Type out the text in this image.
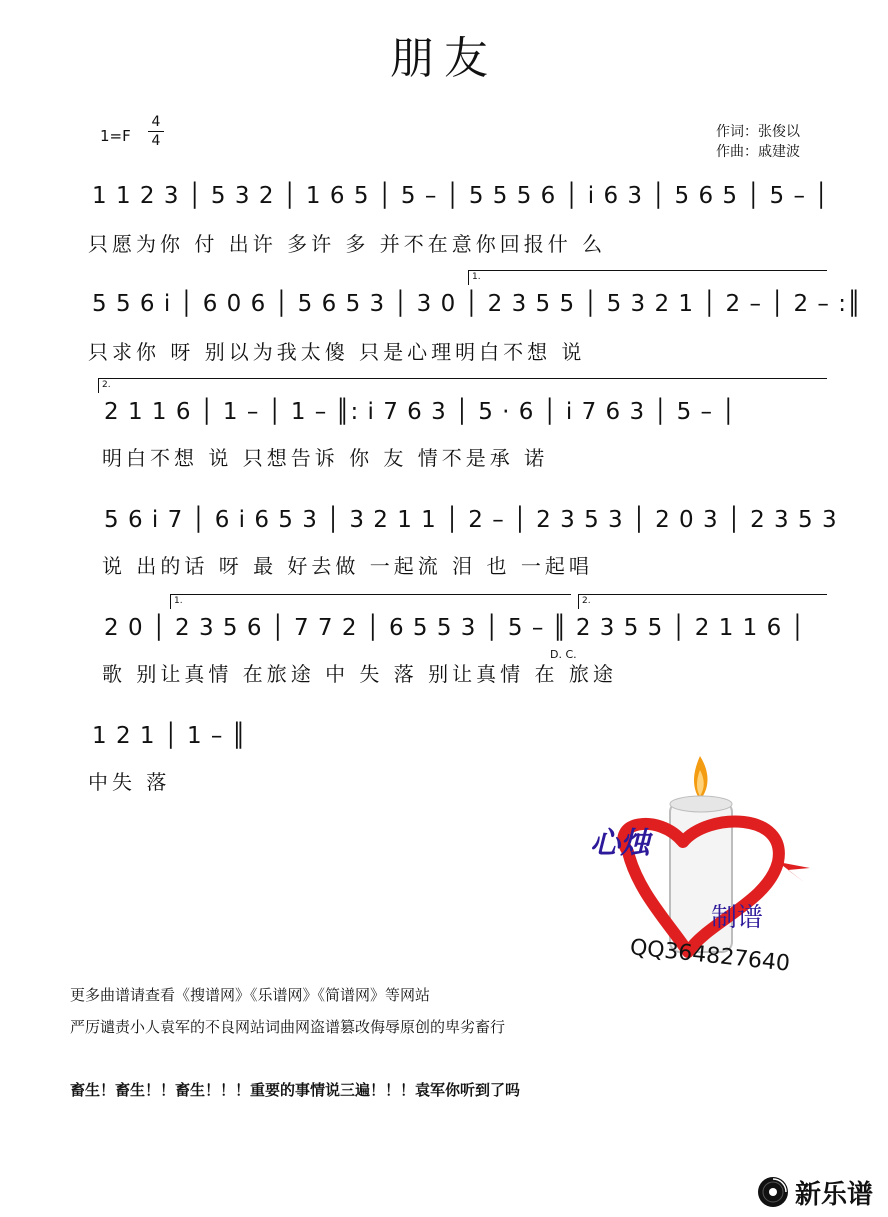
朋友
1=F
4
4
作词：张俊以
作曲：戚建波
1 1 2 3 │ 5 3 2 │ 1 6 5 │ 5 – │ 5 5 5 6 │ i 6 3 │ 5 6 5 │ 5 – │
只愿为你 付 出许 多许 多 并不在意你回报什 么
1.
5 5 6 i │ 6 0 6 │ 5 6 5 3 │ 3 0 │ 2 3 5 5 │ 5 3 2 1 │ 2 – │ 2 – :║
只求你 呀 别以为我太傻 只是心理明白不想 说
2.
2 1 1 6 │ 1 – │ 1 – ║: i 7 6 3 │ 5 · 6 │ i 7 6 3 │ 5 – │
明白不想 说 只想告诉 你 友 情不是承 诺
5 6 i 7 │ 6 i 6 5 3 │ 3 2 1 1 │ 2 – │ 2 3 5 3 │ 2 0 3 │ 2 3 5 3
说 出的话 呀 最 好去做 一起流 泪 也 一起唱
1.	2.
2 0 │ 2 3 5 6 │ 7 7 2 │ 6 5 5 3 │ 5 – ║ 2 3 5 5 │ 2 1 1 6 │
歌 别让真情 在旅途 中 失 落 别让真情 在 旅途
D. C.
1 2 1 │ 1 – ║
中失 落
心烛
制谱
QQ364827640
更多曲谱请查看《搜谱网》《乐谱网》《简谱网》等网站
严厉谴责小人袁军的不良网站词曲网盗谱篡改侮辱原创的卑劣畜行
畜生！畜生！！畜生！！！重要的事情说三遍！！！袁军你听到了吗
新乐谱
